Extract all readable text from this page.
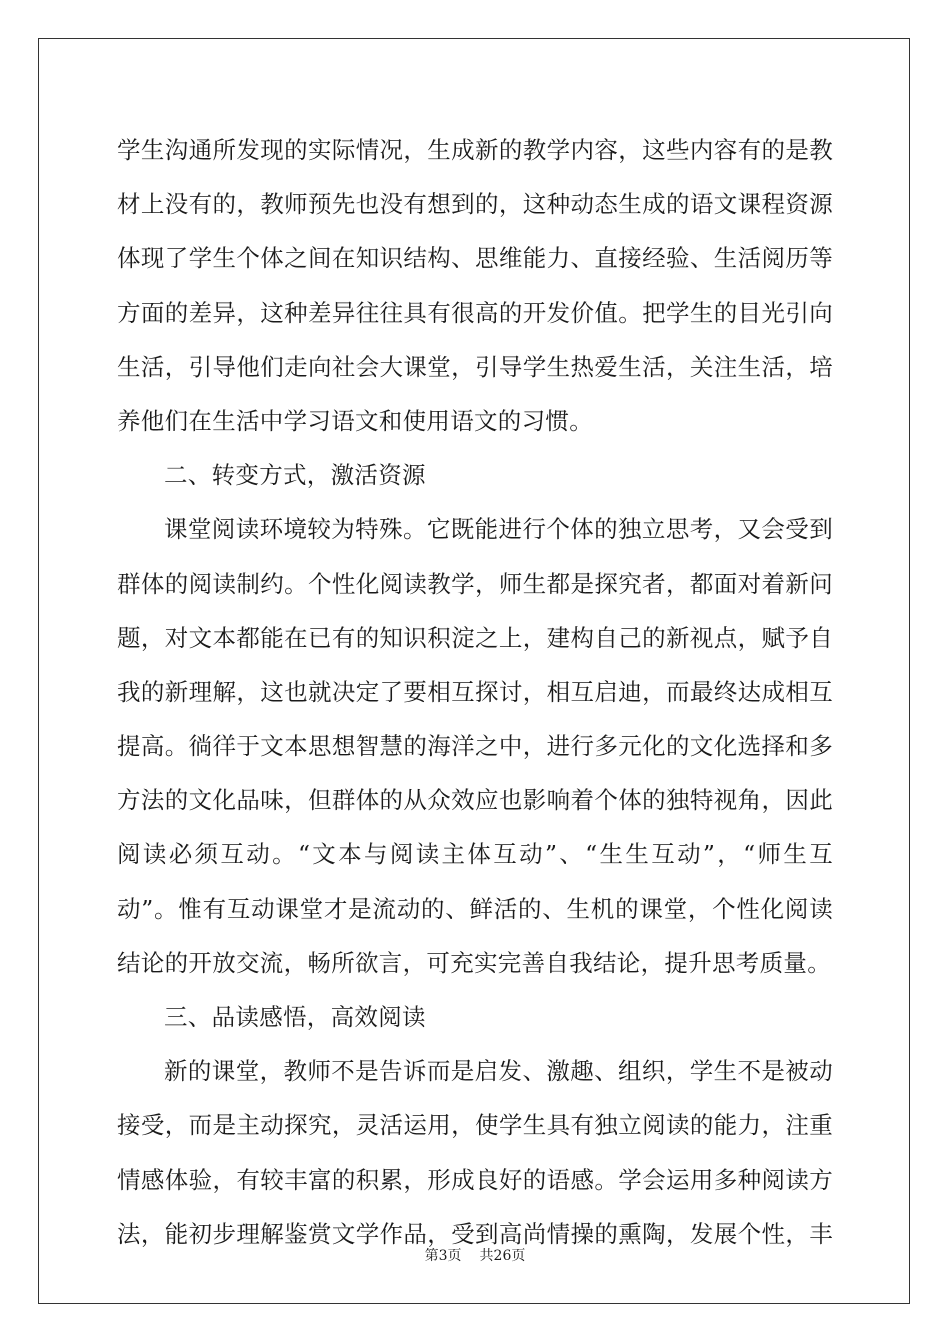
学生沟通所发现的实际情况，生成新的教学内容，这些内容有的是教
材上没有的，教师预先也没有想到的，这种动态生成的语文课程资源
体现了学生个体之间在知识结构、思维能力、直接经验、生活阅历等
方面的差异，这种差异往往具有很高的开发价值。把学生的目光引向
生活，引导他们走向社会大课堂，引导学生热爱生活，关注生活，培
养他们在生活中学习语文和使用语文的习惯。
二、转变方式，激活资源
课堂阅读环境较为特殊。它既能进行个体的独立思考，又会受到
群体的阅读制约。个性化阅读教学，师生都是探究者，都面对着新问
题，对文本都能在已有的知识积淀之上，建构自己的新视点，赋予自
我的新理解，这也就决定了要相互探讨，相互启迪，而最终达成相互
提高。徜徉于文本思想智慧的海洋之中，进行多元化的文化选择和多
方法的文化品味，但群体的从众效应也影响着个体的独特视角，因此
阅读必须互动。“文本与阅读主体互动”、“生生互动”，“师生互
动”。惟有互动课堂才是流动的、鲜活的、生机的课堂，个性化阅读
结论的开放交流，畅所欲言，可充实完善自我结论，提升思考质量。
三、品读感悟，高效阅读
新的课堂，教师不是告诉而是启发、激趣、组织，学生不是被动
接受，而是主动探究，灵活运用，使学生具有独立阅读的能力，注重
情感体验，有较丰富的积累，形成良好的语感。学会运用多种阅读方
法，能初步理解鉴赏文学作品，受到高尚情操的熏陶，发展个性，丰
第3页 共26页
